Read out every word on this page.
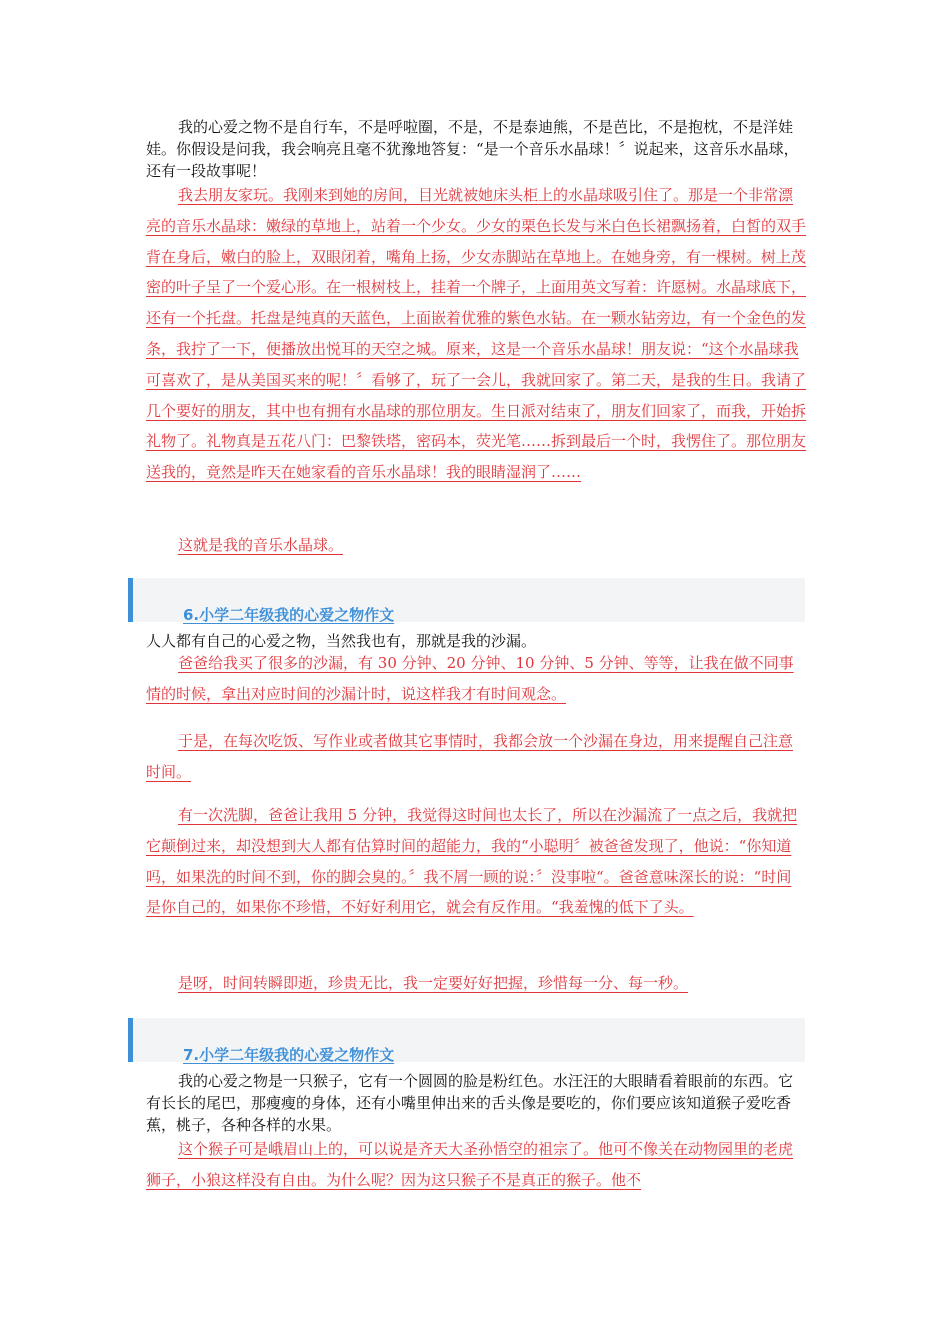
我的心爱之物不是自行车，不是呼啦圈，不是，不是泰迪熊，不是芭比，不是抱枕，不是洋娃娃。你假设是问我，我会响亮且毫不犹豫地答复：“是一个音乐水晶球！〞说起来，这音乐水晶球，还有一段故事呢！
我去朋友家玩。我刚来到她的房间，目光就被她床头柜上的水晶球吸引住了。那是一个非常漂亮的音乐水晶球：嫩绿的草地上，站着一个少女。少女的栗色长发与米白色长裙飘扬着，白皙的双手背在身后，嫩白的脸上，双眼闭着，嘴角上扬，少女赤脚站在草地上。在她身旁，有一棵树。树上茂密的叶子呈了一个爱心形。在一根树枝上，挂着一个牌子，上面用英文写着：许愿树。水晶球底下，还有一个托盘。托盘是纯真的天蓝色，上面嵌着优雅的紫色水钻。在一颗水钻旁边，有一个金色的发条，我拧了一下，便播放出悦耳的天空之城。原来，这是一个音乐水晶球！朋友说：“这个水晶球我可喜欢了，是从美国买来的呢！〞看够了，玩了一会儿，我就回家了。第二天，是我的生日。我请了几个要好的朋友，其中也有拥有水晶球的那位朋友。生日派对结束了，朋友们回家了，而我，开始拆礼物了。礼物真是五花八门：巴黎铁塔，密码本，荧光笔……拆到最后一个时，我愣住了。那位朋友送我的，竟然是昨天在她家看的音乐水晶球！我的眼睛湿润了……
这就是我的音乐水晶球。
6.小学二年级我的心爱之物作文
人人都有自己的心爱之物，当然我也有，那就是我的沙漏。
爸爸给我买了很多的沙漏，有 30 分钟、20 分钟、10 分钟、5 分钟、等等，让我在做不同事情的时候，拿出对应时间的沙漏计时，说这样我才有时间观念。
于是，在每次吃饭、写作业或者做其它事情时，我都会放一个沙漏在身边，用来提醒自己注意时间。
有一次洗脚，爸爸让我用 5 分钟，我觉得这时间也太长了，所以在沙漏流了一点之后，我就把它颠倒过来，却没想到大人都有估算时间的超能力，我的“小聪明〞被爸爸发现了，他说：“你知道吗，如果洗的时间不到，你的脚会臭的。〞我不屑一顾的说：〞没事啦“。爸爸意味深长的说：“时间是你自己的，如果你不珍惜，不好好利用它，就会有反作用。“我羞愧的低下了头。
是呀，时间转瞬即逝，珍贵无比，我一定要好好把握，珍惜每一分、每一秒。
7.小学二年级我的心爱之物作文
我的心爱之物是一只猴子，它有一个圆圆的脸是粉红色。水汪汪的大眼睛看着眼前的东西。它有长长的尾巴，那瘦瘦的身体，还有小嘴里伸出来的舌头像是要吃的，你们要应该知道猴子爱吃香蕉，桃子，各种各样的水果。
这个猴子可是峨眉山上的，可以说是齐天大圣孙悟空的祖宗了。他可不像关在动物园里的老虎狮子，小狼这样没有自由。为什么呢？因为这只猴子不是真正的猴子。他不
